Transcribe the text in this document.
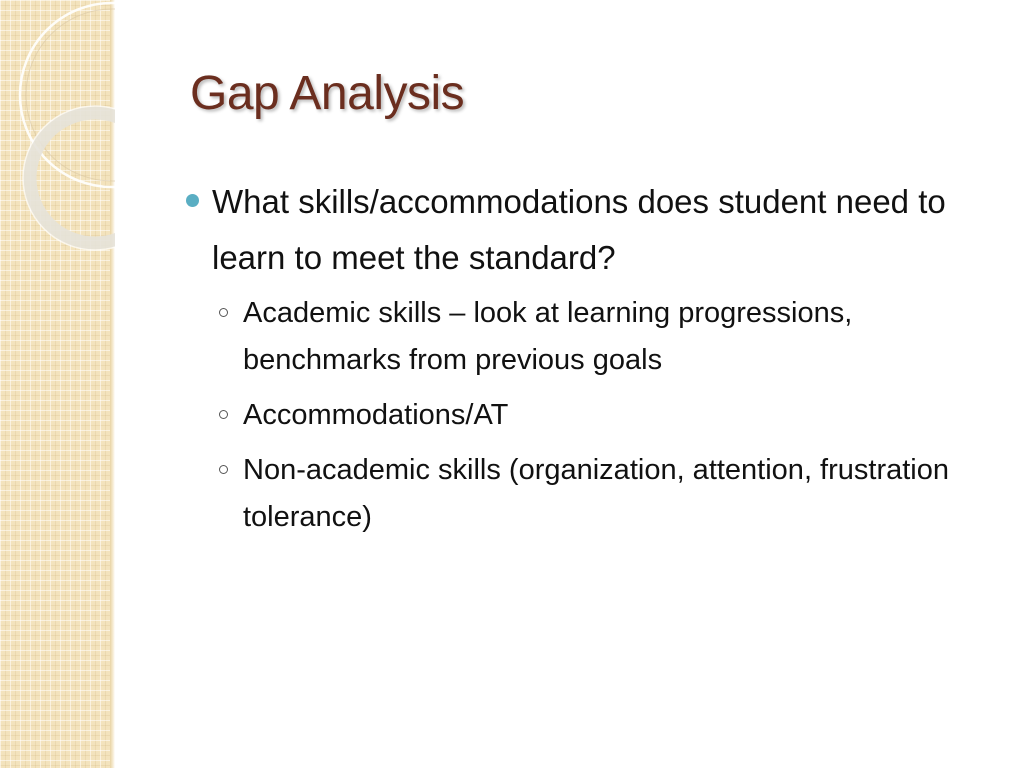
Gap Analysis
What skills/accommodations does student need to learn to meet the standard?
Academic skills – look at learning progressions, benchmarks from previous goals
Accommodations/AT
Non-academic skills (organization, attention, frustration tolerance)
